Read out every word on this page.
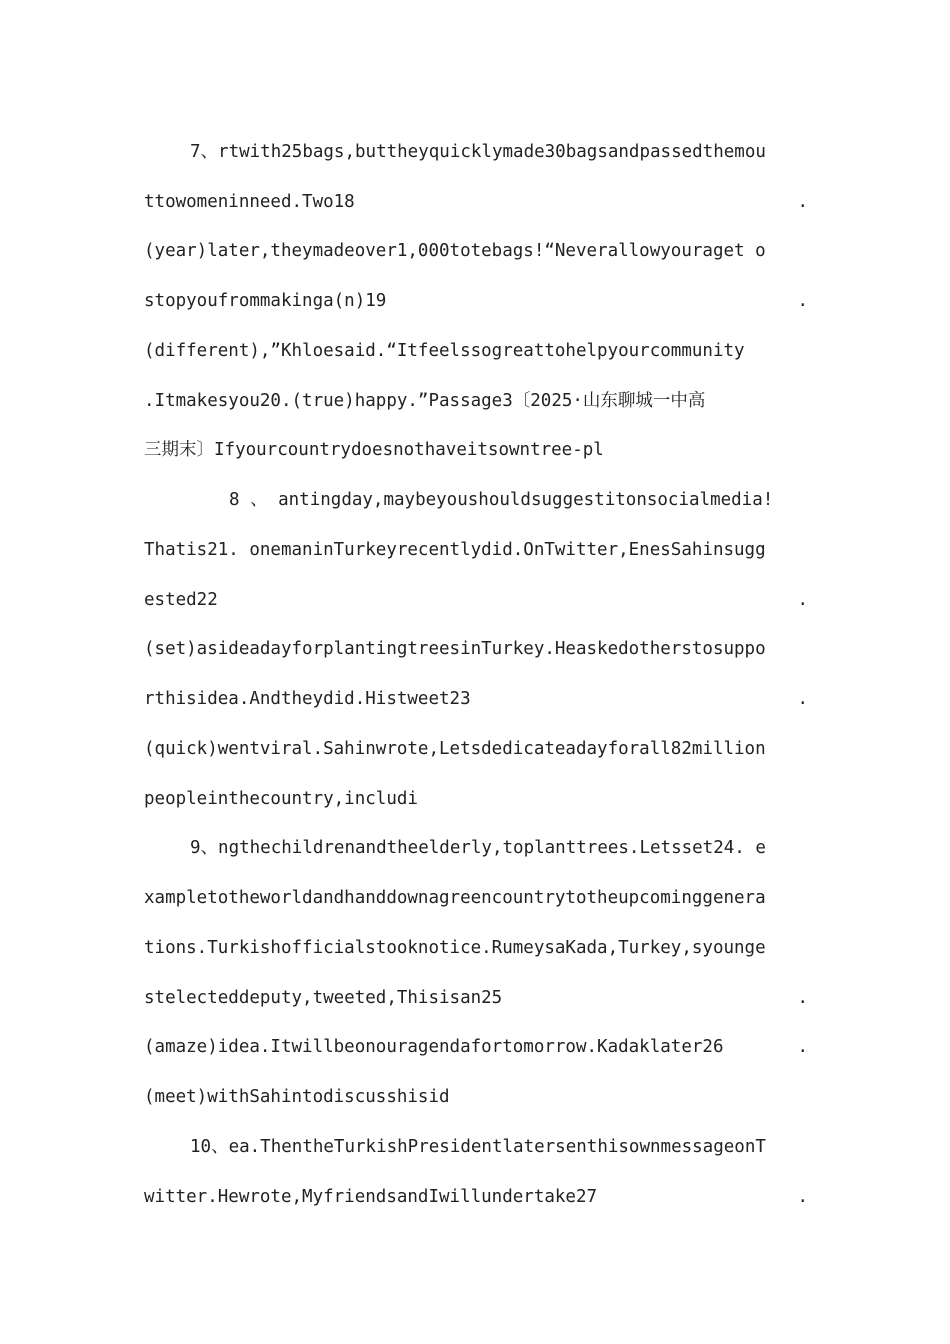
7、rtwith25bags,buttheyquicklymade30bagsandpassedthemou
ttowomeninneed.Two18	.
(year)later,theymadeover1,000totebags!“Neverallowyouraget o
stopyoufrommakinga(n)19	.
(different),”Khloesaid.“Itfeelssogreattohelpyourcommunity
.Itmakesyou20.(true)happy.”Passage3〔2025·山东聊城一中高
三期末〕Ifyourcountrydoesnothaveitsowntree-pl
8 、 antingday,maybeyoushouldsuggestitonsocialmedia!
Thatis21. onemaninTurkeyrecentlydid.OnTwitter,EnesSahinsugg
ested22	.
(set)asideadayforplantingtreesinTurkey.Heaskedotherstosuppo
rthisidea.Andtheydid.Histweet23	.
(quick)wentviral.Sahinwrote,Letsdedicateadayforall82million
peopleinthecountry,includi
9、ngthechildrenandtheelderly,toplanttrees.Letsset24. e
xampletotheworldandhanddownagreencountrytotheupcominggenera
tions.Turkishofficialstooknotice.RumeysaKada,Turkey,syounge
stelecteddeputy,tweeted,Thisisan25	.
(amaze)idea.Itwillbeonouragendafortomorrow.Kadaklater26	.
(meet)withSahintodiscusshisid
10、ea.ThentheTurkishPresidentlatersenthisownmessageonT
witter.Hewrote,MyfriendsandIwillundertake27	.
